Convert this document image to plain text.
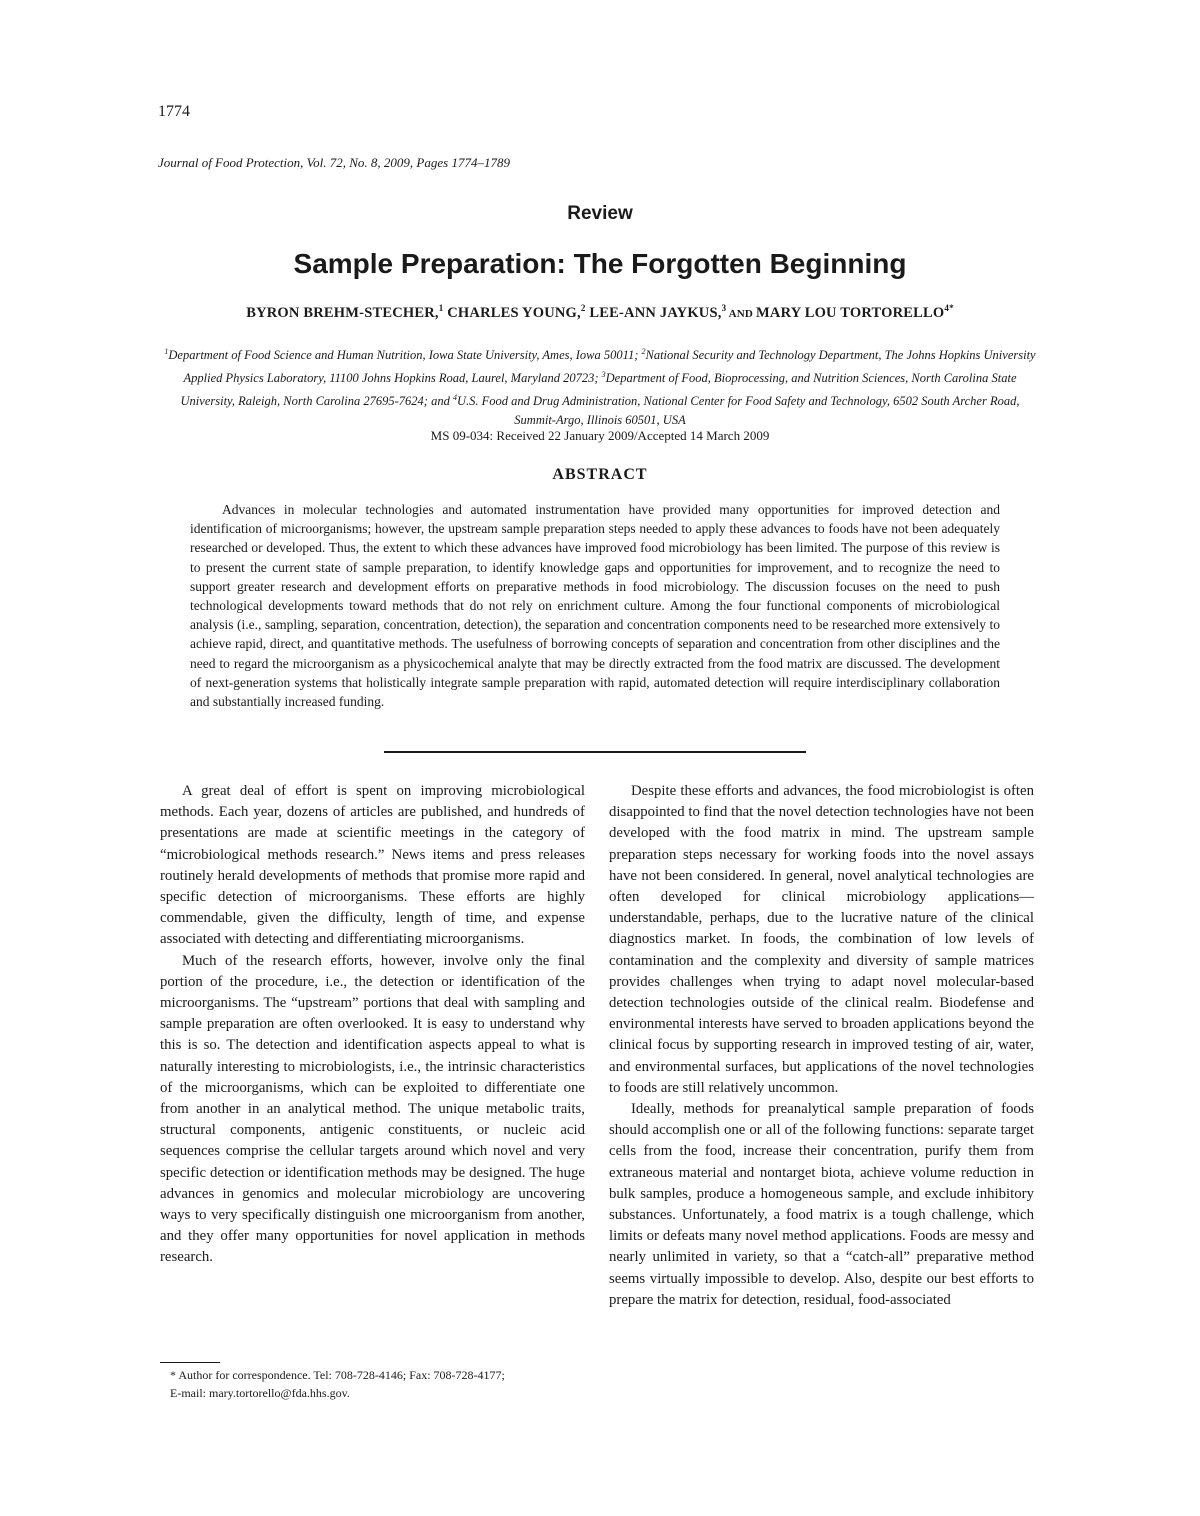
1774
Journal of Food Protection, Vol. 72, No. 8, 2009, Pages 1774–1789
Review
Sample Preparation: The Forgotten Beginning
BYRON BREHM-STECHER,$^1$ CHARLES YOUNG,$^2$ LEE-ANN JAYKUS,$^3$ AND MARY LOU $TORTORELLO^{4*}$
$^1$Department of Food Science and Human Nutrition, Iowa State University, Ames, Iowa 50011; $^2$National Security and Technology Department, The Johns Hopkins University Applied Physics Laboratory, 11100 Johns Hopkins Road, Laurel, Maryland 20723; $^3$Department of Food, Bioprocessing, and Nutrition Sciences, North Carolina State University, Raleigh, North Carolina 27695-7624; and $^4$U.S. Food and Drug Administration, National Center for Food Safety and Technology, 6502 South Archer Road, Summit-Argo, Illinois 60501, USA
MS 09-034: Received 22 January 2009/Accepted 14 March 2009
ABSTRACT
Advances in molecular technologies and automated instrumentation have provided many opportunities for improved detection and identification of microorganisms; however, the upstream sample preparation steps needed to apply these advances to foods have not been adequately researched or developed. Thus, the extent to which these advances have improved food microbiology has been limited. The purpose of this review is to present the current state of sample preparation, to identify knowledge gaps and opportunities for improvement, and to recognize the need to support greater research and development efforts on preparative methods in food microbiology. The discussion focuses on the need to push technological developments toward methods that do not rely on enrichment culture. Among the four functional components of microbiological analysis (i.e., sampling, separation, concentration, detection), the separation and concentration components need to be researched more extensively to achieve rapid, direct, and quantitative methods. The usefulness of borrowing concepts of separation and concentration from other disciplines and the need to regard the microorganism as a physicochemical analyte that may be directly extracted from the food matrix are discussed. The development of next-generation systems that holistically integrate sample preparation with rapid, automated detection will require interdisciplinary collaboration and substantially increased funding.

A great deal of effort is spent on improving microbiological methods. Each year, dozens of articles are published, and hundreds of presentations are made at scientific meetings in the category of “microbiological methods research.” News items and press releases routinely herald developments of methods that promise more rapid and specific detection of microorganisms. These efforts are highly commendable, given the difficulty, length of time, and expense associated with detecting and differentiating microorganisms.

Much of the research efforts, however, involve only the final portion of the procedure, i.e., the detection or identification of the microorganisms. The “upstream” portions that deal with sampling and sample preparation are often overlooked. It is easy to understand why this is so. The detection and identification aspects appeal to what is naturally interesting to microbiologists, i.e., the intrinsic characteristics of the microorganisms, which can be exploited to differentiate one from another in an analytical method. The unique metabolic traits, structural components, antigenic constituents, or nucleic acid sequences comprise the cellular targets around which novel and very specific detection or identification methods may be designed. The huge advances in genomics and molecular microbiology are uncovering ways to very specifically distinguish one microorganism from another, and they offer many opportunities for novel application in methods research.

Despite these efforts and advances, the food microbiologist is often disappointed to find that the novel detection technologies have not been developed with the food matrix in mind. The upstream sample preparation steps necessary for working foods into the novel assays have not been considered. In general, novel analytical technologies are often developed for clinical microbiology applications—understandable, perhaps, due to the lucrative nature of the clinical diagnostics market. In foods, the combination of low levels of contamination and the complexity and diversity of sample matrices provides challenges when trying to adapt novel molecular-based detection technologies outside of the clinical realm. Biodefense and environmental interests have served to broaden applications beyond the clinical focus by supporting research in improved testing of air, water, and environmental surfaces, but applications of the novel technologies to foods are still relatively uncommon.

Ideally, methods for preanalytical sample preparation of foods should accomplish one or all of the following functions: separate target cells from the food, increase their concentration, purify them from extraneous material and nontarget biota, achieve volume reduction in bulk samples, produce a homogeneous sample, and exclude inhibitory substances. Unfortunately, a food matrix is a tough challenge, which limits or defeats many novel method applications. Foods are messy and nearly unlimited in variety, so that a “catch-all” preparative method seems virtually impossible to develop. Also, despite our best efforts to prepare the matrix for detection, residual, food-associated

* Author for correspondence. Tel: 708-728-4146; Fax: 708-728-4177;

E-mail: mary.tortorello@fda.hhs.gov.
